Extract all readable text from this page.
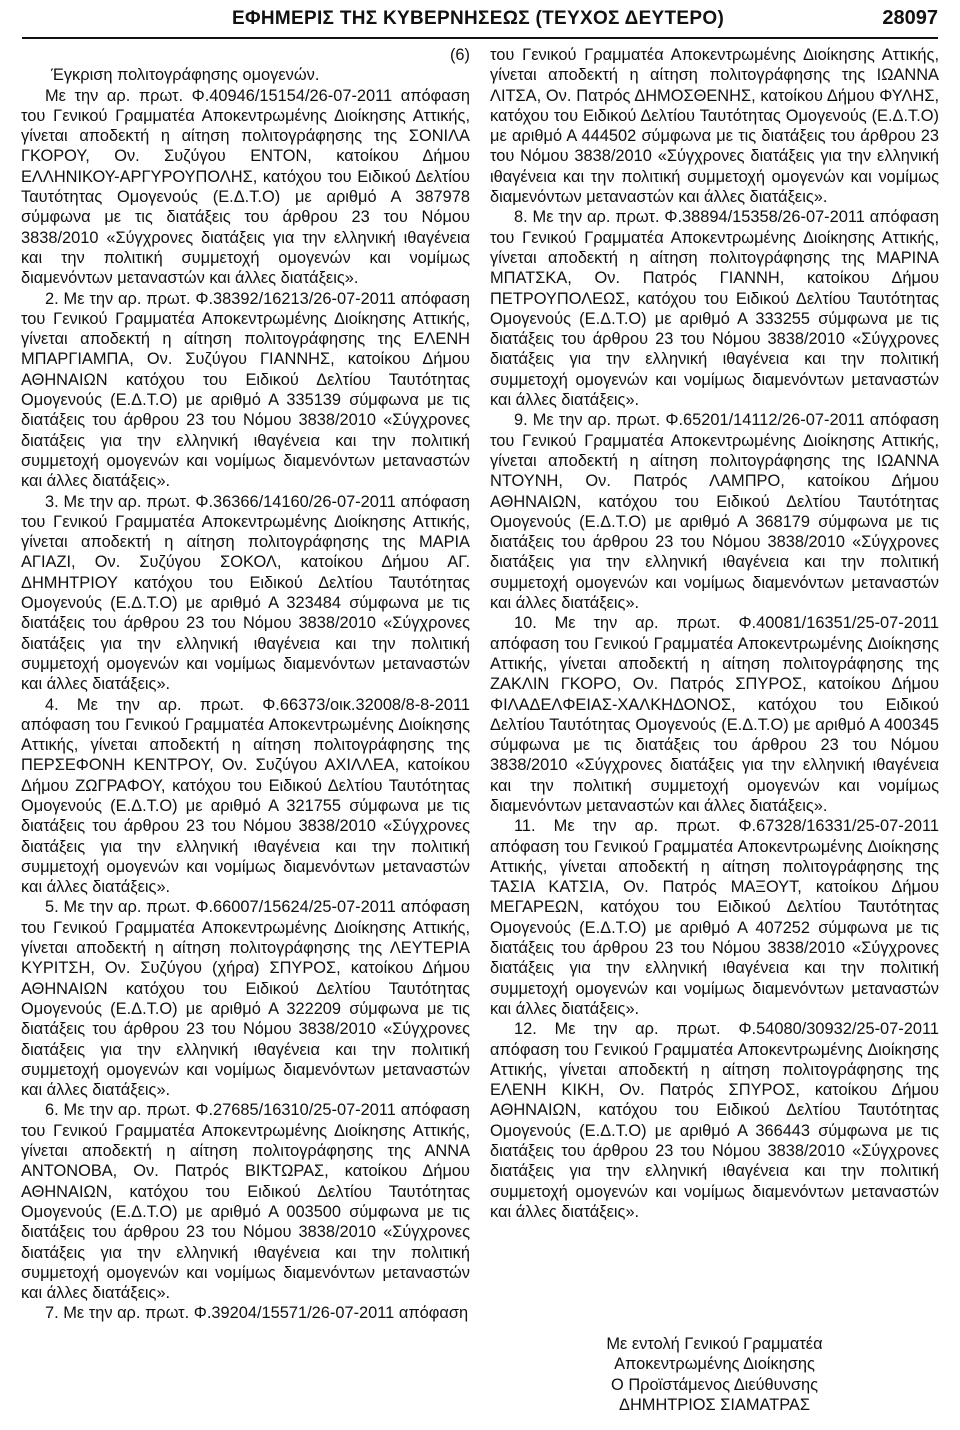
ΕΦΗΜΕΡΙΣ ΤΗΣ ΚΥΒΕΡΝΗΣΕΩΣ (ΤΕΥΧΟΣ ΔΕΥΤΕΡΟ)	28097

(6)

Έγκριση πολιτογράφησης ομογενών.

Με την αρ. πρωτ. Φ.40946/15154/26-07-2011 απόφαση του Γενικού Γραμματέα Αποκεντρωμένης Διοίκησης Αττικής, γίνεται αποδεκτή η αίτηση πολιτογράφησης της ΣΟΝΙΛΑ ΓΚΟΡΟΥ, Ον. Συζύγου ΕΝΤΟΝ, κατοίκου Δήμου ΕΛΛΗΝΙΚΟΥ-ΑΡΓΥΡΟΥΠΟΛΗΣ, κατόχου του Ειδικού Δελτίου Ταυτότητας Ομογενούς (Ε.Δ.Τ.Ο) με αριθμό Α 387978 σύμφωνα με τις διατάξεις του άρθρου 23 του Νόμου 3838/2010 «Σύγχρονες διατάξεις για την ελληνική ιθαγένεια και την πολιτική συμμετοχή ομογενών και νομίμως διαμενόντων μεταναστών και άλλες διατάξεις».

2. Με την αρ. πρωτ. Φ.38392/16213/26-07-2011 απόφαση του Γενικού Γραμματέα Αποκεντρωμένης Διοίκησης Αττικής, γίνεται αποδεκτή η αίτηση πολιτογράφησης της ΕΛΕΝΗ ΜΠΑΡΓΙΑΜΠΑ, Ον. Συζύγου ΓΙΑΝΝΗΣ, κατοίκου Δήμου ΑΘΗΝΑΙΩΝ κατόχου του Ειδικού Δελτίου Ταυτότητας Ομογενούς (Ε.Δ.Τ.Ο) με αριθμό Α 335139 σύμφωνα με τις διατάξεις του άρθρου 23 του Νόμου 3838/2010 «Σύγχρονες διατάξεις για την ελληνική ιθαγένεια και την πολιτική συμμετοχή ομογενών και νομίμως διαμενόντων μεταναστών και άλλες διατάξεις».

3. Με την αρ. πρωτ. Φ.36366/14160/26-07-2011 απόφαση του Γενικού Γραμματέα Αποκεντρωμένης Διοίκησης Αττικής, γίνεται αποδεκτή η αίτηση πολιτογράφησης της ΜΑΡΙΑ ΑΓΙΑΖΙ, Ον. Συζύγου ΣΟΚΟΛ, κατοίκου Δήμου ΑΓ. ΔΗΜΗΤΡΙΟΥ κατόχου του Ειδικού Δελτίου Ταυτότητας Ομογενούς (Ε.Δ.Τ.Ο) με αριθμό Α 323484 σύμφωνα με τις διατάξεις του άρθρου 23 του Νόμου 3838/2010 «Σύγχρονες διατάξεις για την ελληνική ιθαγένεια και την πολιτική συμμετοχή ομογενών και νομίμως διαμενόντων μεταναστών και άλλες διατάξεις».

4. Με την αρ. πρωτ. Φ.66373/οικ.32008/8-8-2011 απόφαση του Γενικού Γραμματέα Αποκεντρωμένης Διοίκησης Αττικής, γίνεται αποδεκτή η αίτηση πολιτογράφησης της ΠΕΡΣΕΦΟΝΗ ΚΕΝΤΡΟΥ, Ον. Συζύγου ΑΧΙΛΛΕΑ, κατοίκου Δήμου ΖΩΓΡΑΦΟΥ, κατόχου του Ειδικού Δελτίου Ταυτότητας Ομογενούς (Ε.Δ.Τ.Ο) με αριθμό Α 321755 σύμφωνα με τις διατάξεις του άρθρου 23 του Νόμου 3838/2010 «Σύγχρονες διατάξεις για την ελληνική ιθαγένεια και την πολιτική συμμετοχή ομογενών και νομίμως διαμενόντων μεταναστών και άλλες διατάξεις».

5. Με την αρ. πρωτ. Φ.66007/15624/25-07-2011 απόφαση του Γενικού Γραμματέα Αποκεντρωμένης Διοίκησης Αττικής, γίνεται αποδεκτή η αίτηση πολιτογράφησης της ΛΕΥΤΕΡΙΑ ΚΥΡΙΤΣΗ, Ον. Συζύγου (χήρα) ΣΠΥΡΟΣ, κατοίκου Δήμου ΑΘΗΝΑΙΩΝ κατόχου του Ειδικού Δελτίου Ταυτότητας Ομογενούς (Ε.Δ.Τ.Ο) με αριθμό Α 322209 σύμφωνα με τις διατάξεις του άρθρου 23 του Νόμου 3838/2010 «Σύγχρονες διατάξεις για την ελληνική ιθαγένεια και την πολιτική συμμετοχή ομογενών και νομίμως διαμενόντων μεταναστών και άλλες διατάξεις».

6. Με την αρ. πρωτ. Φ.27685/16310/25-07-2011 απόφαση του Γενικού Γραμματέα Αποκεντρωμένης Διοίκησης Αττικής, γίνεται αποδεκτή η αίτηση πολιτογράφησης της ΑΝΝΑ ΑΝΤΟΝΟΒΑ, Ον. Πατρός ΒΙΚΤΩΡΑΣ, κατοίκου Δήμου ΑΘΗΝΑΙΩΝ, κατόχου του Ειδικού Δελτίου Ταυτότητας Ομογενούς (Ε.Δ.Τ.Ο) με αριθμό Α 003500 σύμφωνα με τις διατάξεις του άρθρου 23 του Νόμου 3838/2010 «Σύγχρονες διατάξεις για την ελληνική ιθαγένεια και την πολιτική συμμετοχή ομογενών και νομίμως διαμενόντων μεταναστών και άλλες διατάξεις».

7. Με την αρ. πρωτ. Φ.39204/15571/26-07-2011 απόφαση

του Γενικού Γραμματέα Αποκεντρωμένης Διοίκησης Αττικής, γίνεται αποδεκτή η αίτηση πολιτογράφησης της ΙΩΑΝΝΑ ΛΙΤΣΑ, Ον. Πατρός ΔΗΜΟΣΘΕΝΗΣ, κατοίκου Δήμου ΦΥΛΗΣ, κατόχου του Ειδικού Δελτίου Ταυτότητας Ομογενούς (Ε.Δ.Τ.Ο) με αριθμό Α 444502 σύμφωνα με τις διατάξεις του άρθρου 23 του Νόμου 3838/2010 «Σύγχρονες διατάξεις για την ελληνική ιθαγένεια και την πολιτική συμμετοχή ομογενών και νομίμως διαμενόντων μεταναστών και άλλες διατάξεις».

8. Με την αρ. πρωτ. Φ.38894/15358/26-07-2011 απόφαση του Γενικού Γραμματέα Αποκεντρωμένης Διοίκησης Αττικής, γίνεται αποδεκτή η αίτηση πολιτογράφησης της ΜΑΡΙΝΑ ΜΠΑΤΣΚΑ, Ον. Πατρός ΓΙΑΝΝΗ, κατοίκου Δήμου ΠΕΤΡΟΥΠΟΛΕΩΣ, κατόχου του Ειδικού Δελτίου Ταυτότητας Ομογενούς (Ε.Δ.Τ.Ο) με αριθμό Α 333255 σύμφωνα με τις διατάξεις του άρθρου 23 του Νόμου 3838/2010 «Σύγχρονες διατάξεις για την ελληνική ιθαγένεια και την πολιτική συμμετοχή ομογενών και νομίμως διαμενόντων μεταναστών και άλλες διατάξεις».

9. Με την αρ. πρωτ. Φ.65201/14112/26-07-2011 απόφαση του Γενικού Γραμματέα Αποκεντρωμένης Διοίκησης Αττικής, γίνεται αποδεκτή η αίτηση πολιτογράφησης της ΙΩΑΝΝΑ ΝΤΟΥΝΗ, Ον. Πατρός ΛΑΜΠΡΟ, κατοίκου Δήμου ΑΘΗΝΑΙΩΝ, κατόχου του Ειδικού Δελτίου Ταυτότητας Ομογενούς (Ε.Δ.Τ.Ο) με αριθμό Α 368179 σύμφωνα με τις διατάξεις του άρθρου 23 του Νόμου 3838/2010 «Σύγχρονες διατάξεις για την ελληνική ιθαγένεια και την πολιτική συμμετοχή ομογενών και νομίμως διαμενόντων μεταναστών και άλλες διατάξεις».

10. Με την αρ. πρωτ. Φ.40081/16351/25-07-2011 απόφαση του Γενικού Γραμματέα Αποκεντρωμένης Διοίκησης Αττικής, γίνεται αποδεκτή η αίτηση πολιτογράφησης της ΖΑΚΛΙΝ ΓΚΟΡΟ, Ον. Πατρός ΣΠΥΡΟΣ, κατοίκου Δήμου ΦΙΛΑΔΕΛΦΕΙΑΣ-ΧΑΛΚΗΔΟΝΟΣ, κατόχου του Ειδικού Δελτίου Ταυτότητας Ομογενούς (Ε.Δ.Τ.Ο) με αριθμό Α 400345 σύμφωνα με τις διατάξεις του άρθρου 23 του Νόμου 3838/2010 «Σύγχρονες διατάξεις για την ελληνική ιθαγένεια και την πολιτική συμμετοχή ομογενών και νομίμως διαμενόντων μεταναστών και άλλες διατάξεις».

11. Με την αρ. πρωτ. Φ.67328/16331/25-07-2011 απόφαση του Γενικού Γραμματέα Αποκεντρωμένης Διοίκησης Αττικής, γίνεται αποδεκτή η αίτηση πολιτογράφησης της ΤΑΣΙΑ ΚΑΤΣΙΑ, Ον. Πατρός ΜΑΞΟΥΤ, κατοίκου Δήμου ΜΕΓΑΡΕΩΝ, κατόχου του Ειδικού Δελτίου Ταυτότητας Ομογενούς (Ε.Δ.Τ.Ο) με αριθμό Α 407252 σύμφωνα με τις διατάξεις του άρθρου 23 του Νόμου 3838/2010 «Σύγχρονες διατάξεις για την ελληνική ιθαγένεια και την πολιτική συμμετοχή ομογενών και νομίμως διαμενόντων μεταναστών και άλλες διατάξεις».

12. Με την αρ. πρωτ. Φ.54080/30932/25-07-2011 απόφαση του Γενικού Γραμματέα Αποκεντρωμένης Διοίκησης Αττικής, γίνεται αποδεκτή η αίτηση πολιτογράφησης της ΕΛΕΝΗ ΚΙΚΗ, Ον. Πατρός ΣΠΥΡΟΣ, κατοίκου Δήμου ΑΘΗΝΑΙΩΝ, κατόχου του Ειδικού Δελτίου Ταυτότητας Ομογενούς (Ε.Δ.Τ.Ο) με αριθμό Α 366443 σύμφωνα με τις διατάξεις του άρθρου 23 του Νόμου 3838/2010 «Σύγχρονες διατάξεις για την ελληνική ιθαγένεια και την πολιτική συμμετοχή ομογενών και νομίμως διαμενόντων μεταναστών και άλλες διατάξεις».

Με εντολή Γενικού Γραμματέα
Αποκεντρωμένης Διοίκησης
Ο Προϊστάμενος Διεύθυνσης
ΔΗΜΗΤΡΙΟΣ ΣΙΑΜΑΤΡΑΣ
